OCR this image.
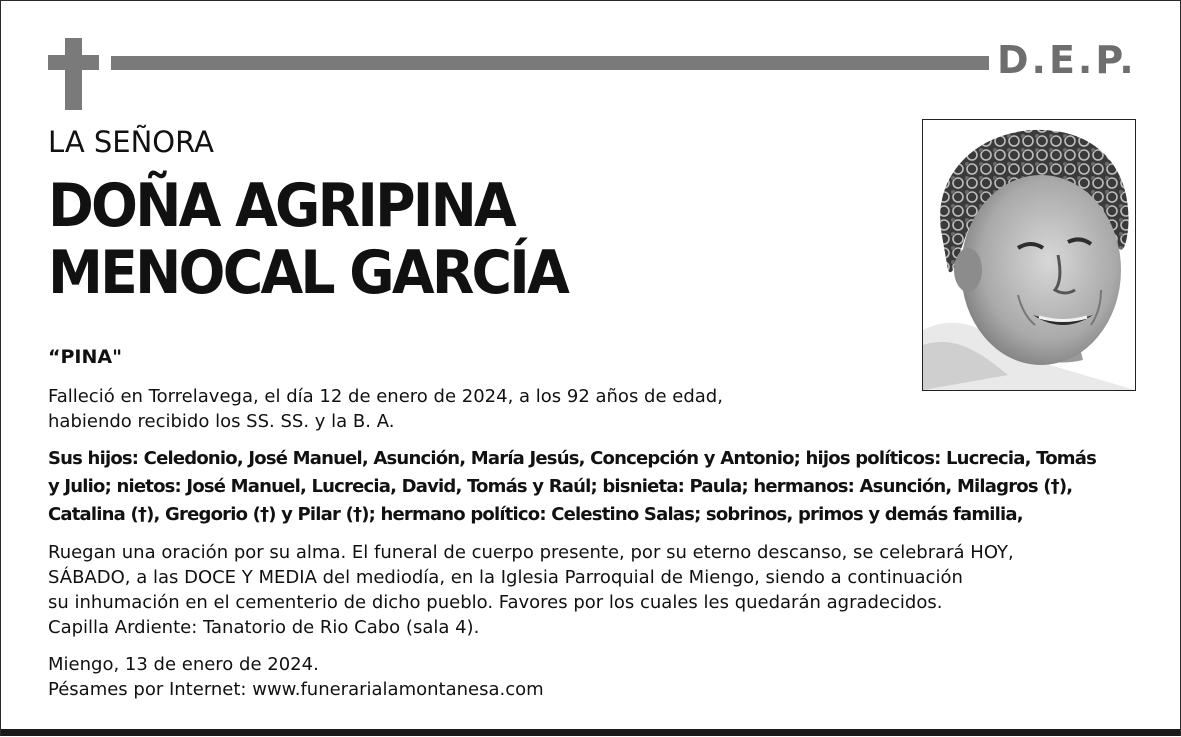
D.E.P.
LA SEÑORA
DOÑA AGRIPINA
MENOCAL GARCÍA
“PINA"
Falleció en Torrelavega, el día 12 de enero de 2024, a los 92 años de edad,
habiendo recibido los SS. SS. y la B. A.
Sus hijos: Celedonio, José Manuel, Asunción, María Jesús, Concepción y Antonio; hijos políticos: Lucrecia, Tomás
y Julio; nietos: José Manuel, Lucrecia, David, Tomás y Raúl; bisnieta: Paula; hermanos: Asunción, Milagros (†),
Catalina (†), Gregorio (†) y Pilar (†); hermano político: Celestino Salas; sobrinos, primos y demás familia,
Ruegan una oración por su alma. El funeral de cuerpo presente, por su eterno descanso, se celebrará HOY,
SÁBADO, a las DOCE Y MEDIA del mediodía, en la Iglesia Parroquial de Miengo, siendo a continuación
su inhumación en el cementerio de dicho pueblo. Favores por los cuales les quedarán agradecidos.
Capilla Ardiente: Tanatorio de Rio Cabo (sala 4).
Miengo, 13 de enero de 2024.
Pésames por Internet: www.funerarialamontanesa.com
